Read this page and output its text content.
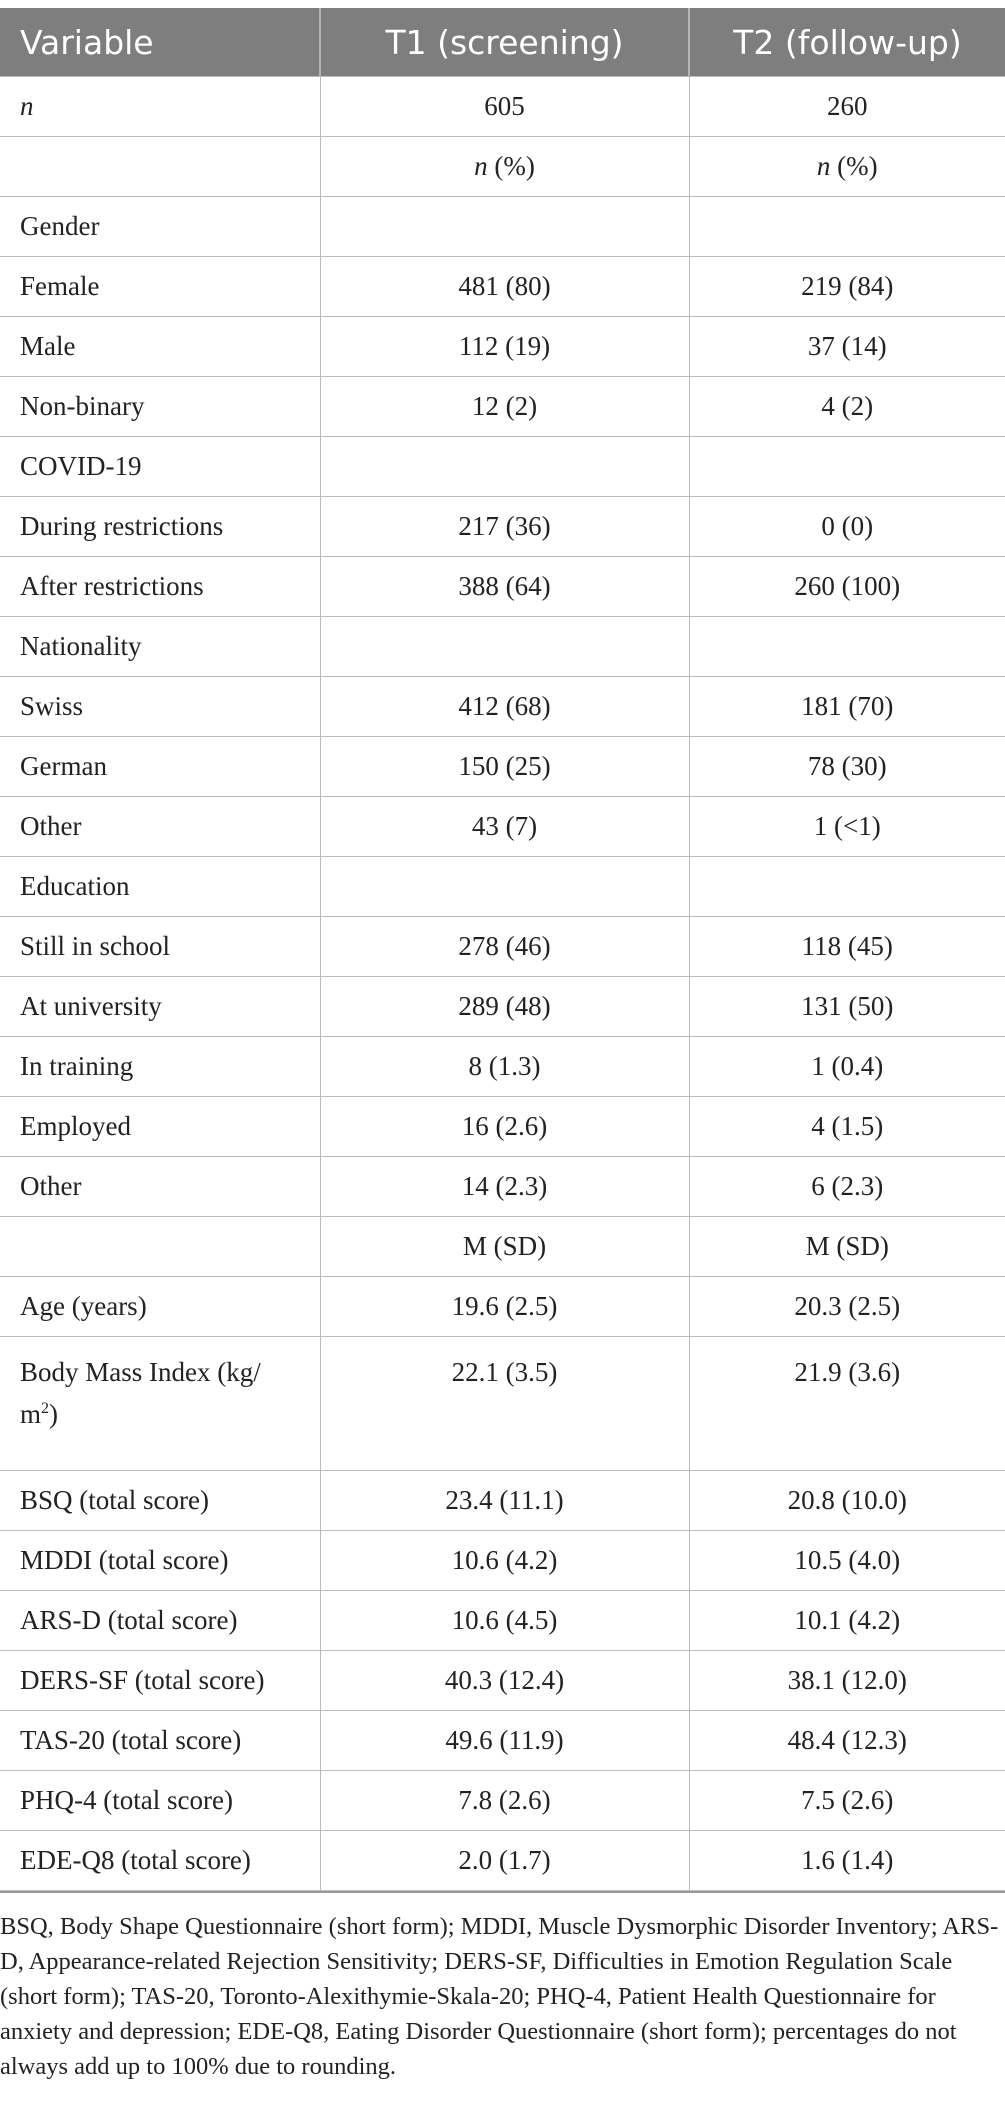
Variable	T1 (screening)	T2 (follow-up)
n	605	260
	n (%)	n (%)
Gender		
Female	481 (80)	219 (84)
Male	112 (19)	37 (14)
Non-binary	12 (2)	4 (2)
COVID-19		
During restrictions	217 (36)	0 (0)
After restrictions	388 (64)	260 (100)
Nationality		
Swiss	412 (68)	181 (70)
German	150 (25)	78 (30)
Other	43 (7)	1 (<1)
Education		
Still in school	278 (46)	118 (45)
At university	289 (48)	131 (50)
In training	8 (1.3)	1 (0.4)
Employed	16 (2.6)	4 (1.5)
Other	14 (2.3)	6 (2.3)
	M (SD)	M (SD)
Age (years)	19.6 (2.5)	20.3 (2.5)
Body Mass Index (kg/
$m^2$)	22.1 (3.5)	21.9 (3.6)
BSQ (total score)	23.4 (11.1)	20.8 (10.0)
MDDI (total score)	10.6 (4.2)	10.5 (4.0)
ARS-D (total score)	10.6 (4.5)	10.1 (4.2)
DERS-SF (total score)	40.3 (12.4)	38.1 (12.0)
TAS-20 (total score)	49.6 (11.9)	48.4 (12.3)
PHQ-4 (total score)	7.8 (2.6)	7.5 (2.6)
EDE-Q8 (total score)	2.0 (1.7)	1.6 (1.4)

BSQ, Body Shape Questionnaire (short form); MDDI, Muscle Dysmorphic Disorder Inventory; ARS-D, Appearance-related Rejection Sensitivity; DERS-SF, Difficulties in Emotion Regulation Scale (short form); TAS-20, Toronto-Alexithymie-Skala-20; PHQ-4, Patient Health Questionnaire for anxiety and depression; EDE-Q8, Eating Disorder Questionnaire (short form); percentages do not always add up to 100% due to rounding.
